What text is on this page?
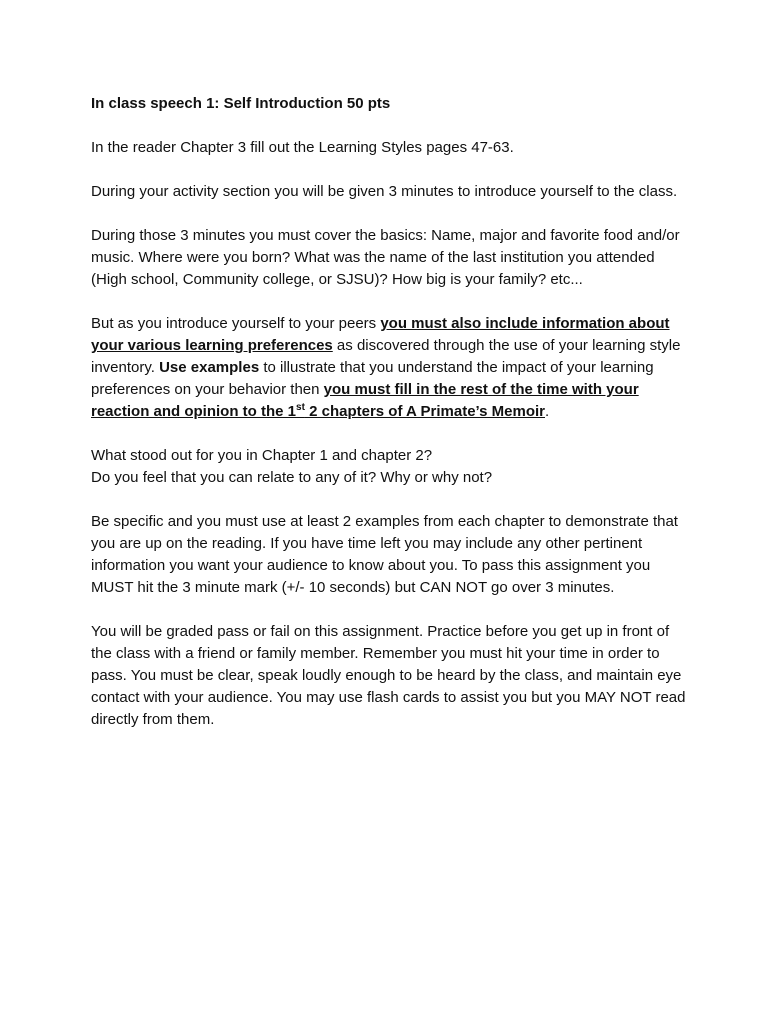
In class speech 1: Self Introduction 50 pts

In the reader Chapter 3 fill out the Learning Styles pages 47-63.

During your activity section you will be given 3 minutes to introduce yourself to the class.

During those 3 minutes you must cover the basics: Name, major and favorite food and/or music. Where were you born? What was the name of the last institution you attended (High school, Community college, or SJSU)? How big is your family? etc...

But as you introduce yourself to your peers you must also include information about your various learning preferences as discovered through the use of your learning style inventory. Use examples to illustrate that you understand the impact of your learning preferences on your behavior then you must fill in the rest of the time with your reaction and opinion to the 1st 2 chapters of A Primate’s Memoir.

What stood out for you in Chapter 1 and chapter 2?
Do you feel that you can relate to any of it? Why or why not?

Be specific and you must use at least 2 examples from each chapter to demonstrate that you are up on the reading. If you have time left you may include any other pertinent information you want your audience to know about you. To pass this assignment you MUST hit the 3 minute mark (+/- 10 seconds) but CAN NOT go over 3 minutes.

You will be graded pass or fail on this assignment. Practice before you get up in front of the class with a friend or family member. Remember you must hit your time in order to pass. You must be clear, speak loudly enough to be heard by the class, and maintain eye contact with your audience. You may use flash cards to assist you but you MAY NOT read directly from them.
